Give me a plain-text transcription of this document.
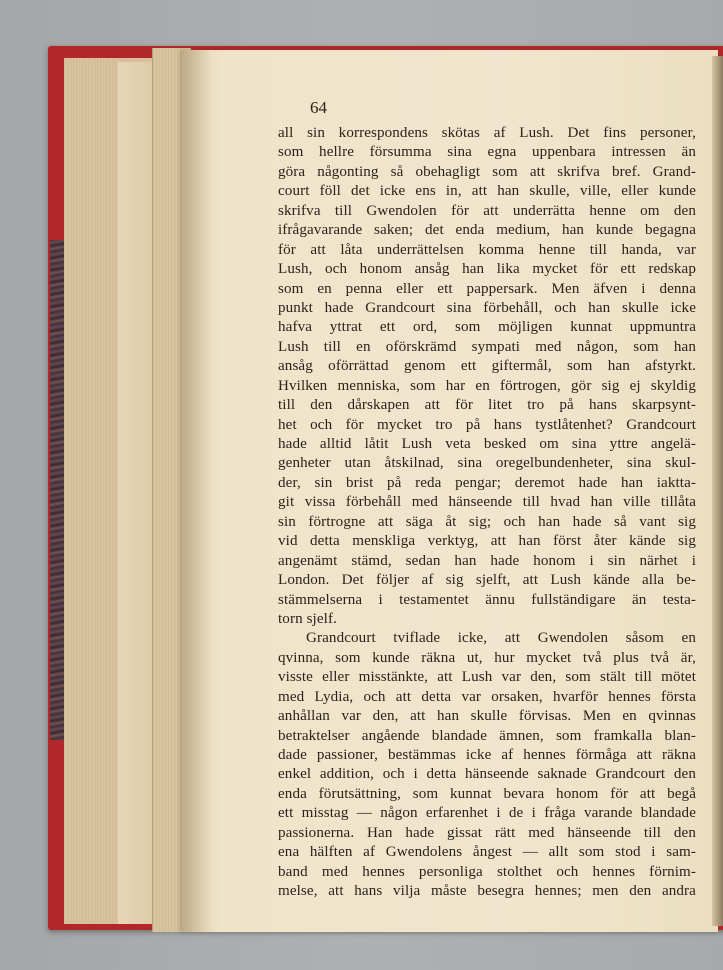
64
all sin korrespondens skötas af Lush. Det fins personer,
som hellre försumma sina egna uppenbara intressen än
göra någonting så obehagligt som att skrifva bref. Grand-
court föll det icke ens in, att han skulle, ville, eller kunde
skrifva till Gwendolen för att underrätta henne om den
ifrågavarande saken; det enda medium, han kunde begagna
för att låta underrättelsen komma henne till handa, var
Lush, och honom ansåg han lika mycket för ett redskap
som en penna eller ett pappersark. Men äfven i denna
punkt hade Grandcourt sina förbehåll, och han skulle icke
hafva yttrat ett ord, som möjligen kunnat uppmuntra
Lush till en oförskrämd sympati med någon, som han
ansåg oförrättad genom ett giftermål, som han afstyrkt.
Hvilken menniska, som har en förtrogen, gör sig ej skyldig
till den dårskapen att för litet tro på hans skarpsynt-
het och för mycket tro på hans tystlåtenhet? Grandcourt
hade alltid låtit Lush veta besked om sina yttre angelä-
genheter utan åtskilnad, sina oregelbundenheter, sina skul-
der, sin brist på reda pengar; deremot hade han iaktta-
git vissa förbehåll med hänseende till hvad han ville tillåta
sin förtrogne att säga åt sig; och han hade så vant sig
vid detta menskliga verktyg, att han först åter kände sig
angenämt stämd, sedan han hade honom i sin närhet i
London. Det följer af sig sjelft, att Lush kände alla be-
stämmelserna i testamentet ännu fullständigare än testa-
torn sjelf.
Grandcourt tviflade icke, att Gwendolen såsom en
qvinna, som kunde räkna ut, hur mycket två plus två är,
visste eller misstänkte, att Lush var den, som stält till mötet
med Lydia, och att detta var orsaken, hvarför hennes första
anhållan var den, att han skulle förvisas. Men en qvinnas
betraktelser angående blandade ämnen, som framkalla blan-
dade passioner, bestämmas icke af hennes förmåga att räkna
enkel addition, och i detta hänseende saknade Grandcourt den
enda förutsättning, som kunnat bevara honom för att begå
ett misstag — någon erfarenhet i de i fråga varande blandade
passionerna. Han hade gissat rätt med hänseende till den
ena hälften af Gwendolens ångest — allt som stod i sam-
band med hennes personliga stolthet och hennes förnim-
melse, att hans vilja måste besegra hennes; men den andra
